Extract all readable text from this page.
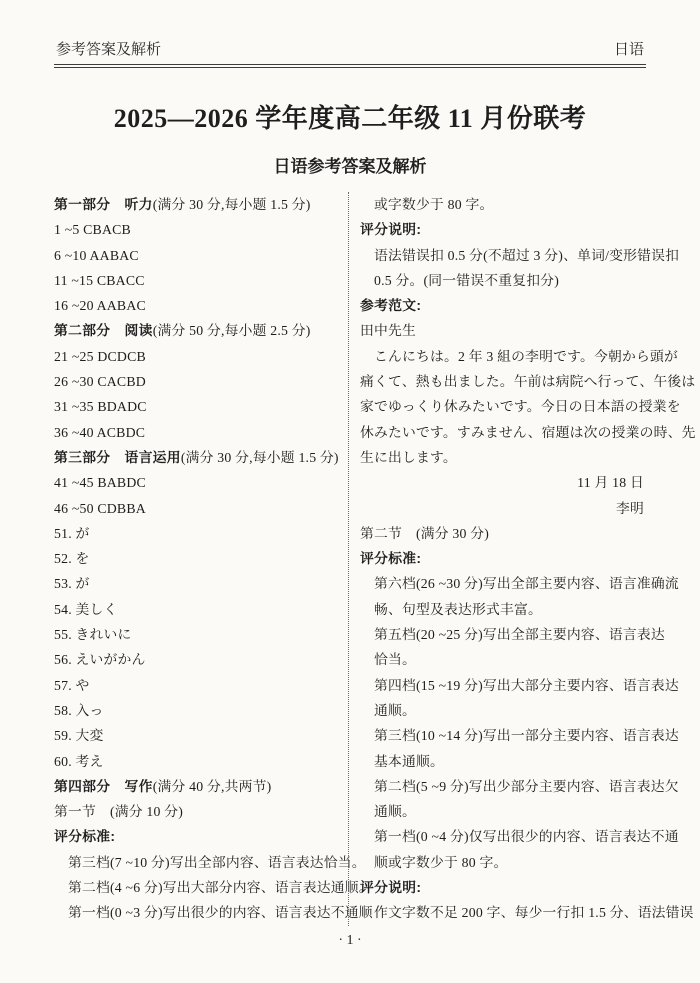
参考答案及解析	日语
2025—2026 学年度高二年级 11 月份联考
日语参考答案及解析
第一部分　听力(满分 30 分,每小题 1.5 分)
1 ~5 CBACB
6 ~10 AABAC
11 ~15 CBACC
16 ~20 AABAC
第二部分　阅读(满分 50 分,每小题 2.5 分)
21 ~25 DCDCB
26 ~30 CACBD
31 ~35 BDADC
36 ~40 ACBDC
第三部分　语言运用(满分 30 分,每小题 1.5 分)
41 ~45 BABDC
46 ~50 CDBBA
51. が
52. を
53. が
54. 美しく
55. きれいに
56. えいがかん
57. や
58. 入っ
59. 大変
60. 考え
第四部分　写作(满分 40 分,共两节)
第一节　(满分 10 分)
评分标准:
第三档(7 ~10 分)写出全部内容、语言表达恰当。
第二档(4 ~6 分)写出大部分内容、语言表达通顺。
第一档(0 ~3 分)写出很少的内容、语言表达不通顺
或字数少于 80 字。
评分说明:
语法错误扣 0.5 分(不超过 3 分)、单词/变形错误扣
0.5 分。(同一错误不重复扣分)
参考范文:
田中先生
こんにちは。2 年 3 組の李明です。今朝から頭が
痛くて、熱も出ました。午前は病院へ行って、午後は
家でゆっくり休みたいです。今日の日本語の授業を
休みたいです。すみません、宿題は次の授業の時、先
生に出します。
11 月 18 日
李明
第二节　(满分 30 分)
评分标准:
第六档(26 ~30 分)写出全部主要内容、语言准确流
畅、句型及表达形式丰富。
第五档(20 ~25 分)写出全部主要内容、语言表达
恰当。
第四档(15 ~19 分)写出大部分主要内容、语言表达
通顺。
第三档(10 ~14 分)写出一部分主要内容、语言表达
基本通顺。
第二档(5 ~9 分)写出少部分主要内容、语言表达欠
通顺。
第一档(0 ~4 分)仅写出很少的内容、语言表达不通
顺或字数少于 80 字。
评分说明:
作文字数不足 200 字、每少一行扣 1.5 分、语法错误
· 1 ·
